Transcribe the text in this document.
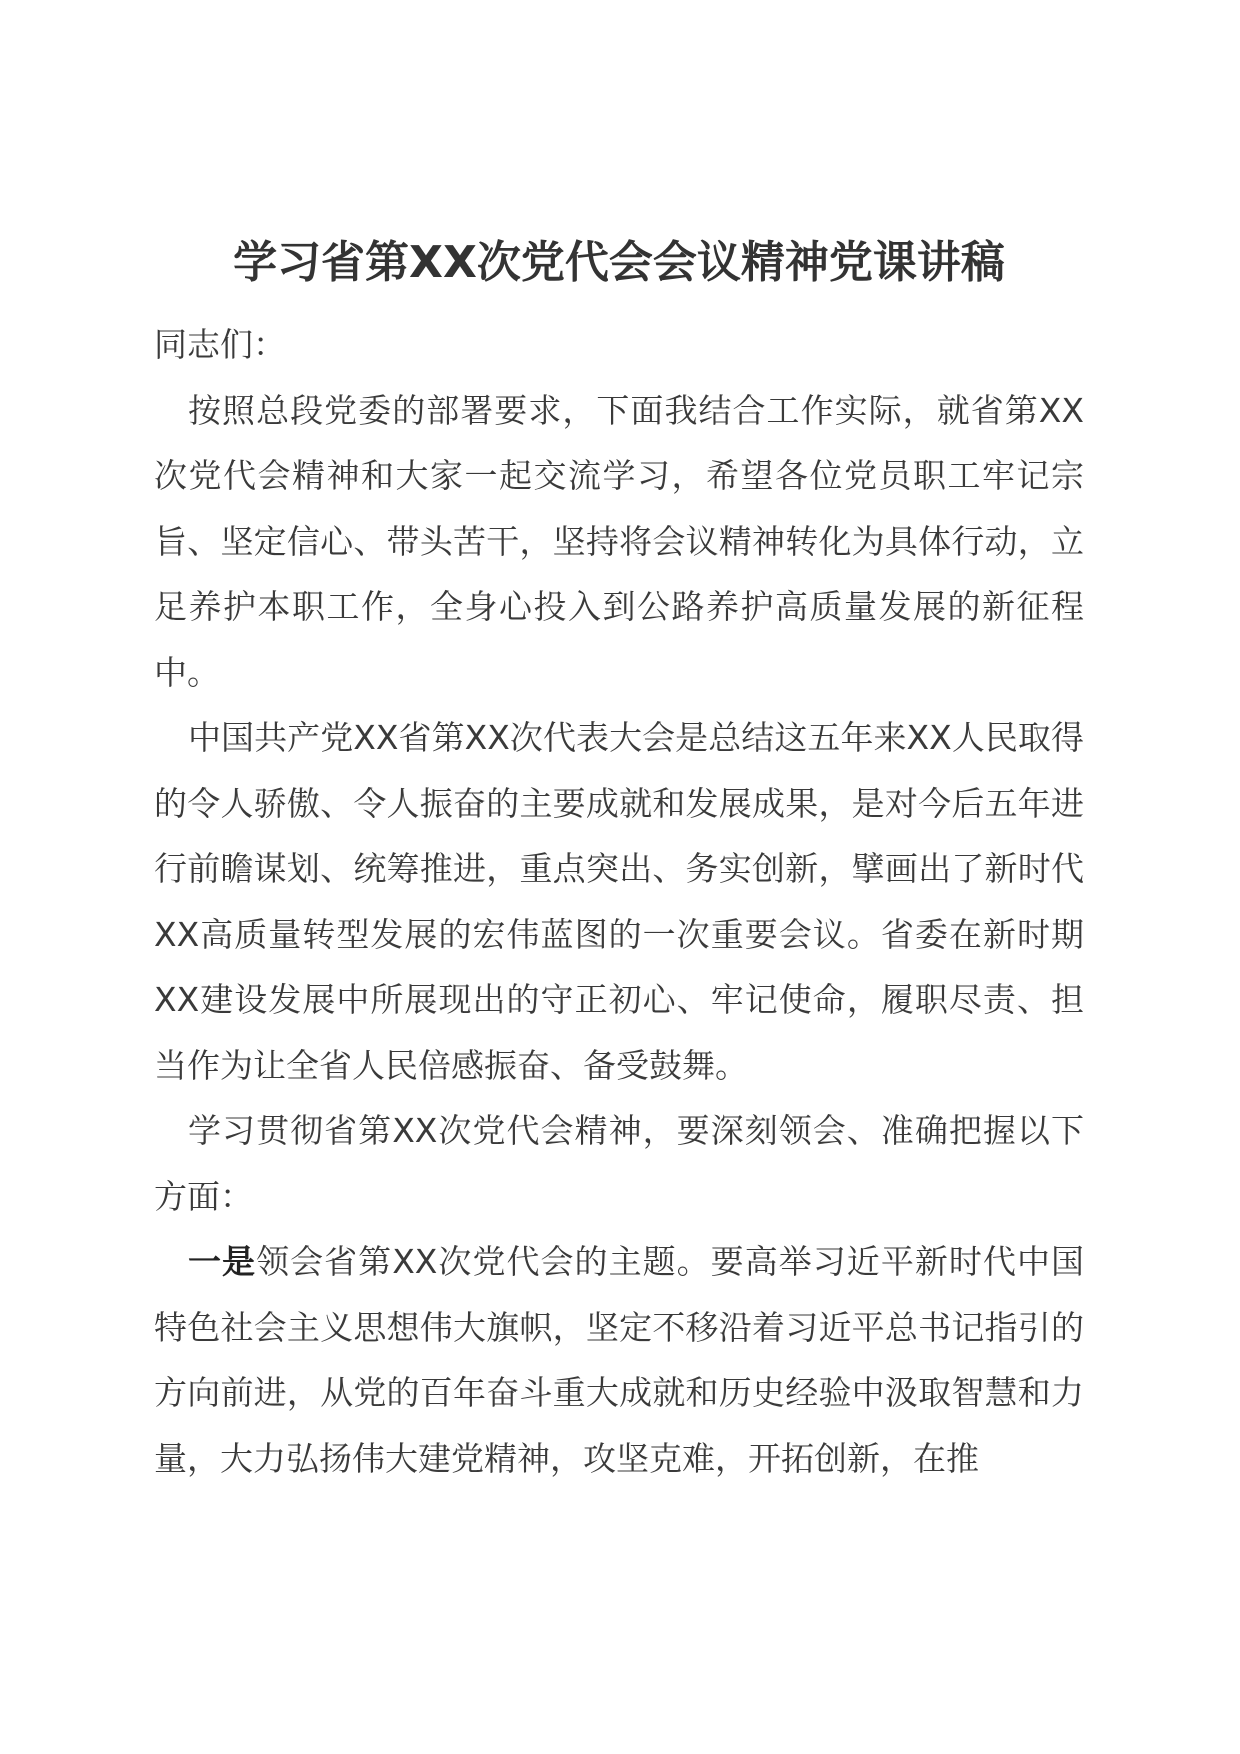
学习省第XX次党代会会议精神党课讲稿

同志们：

按照总段党委的部署要求，下面我结合工作实际，就省第XX次党代会精神和大家一起交流学习，希望各位党员职工牢记宗旨、坚定信心、带头苦干，坚持将会议精神转化为具体行动，立足养护本职工作，全身心投入到公路养护高质量发展的新征程中。

中国共产党XX省第XX次代表大会是总结这五年来XX人民取得的令人骄傲、令人振奋的主要成就和发展成果，是对今后五年进行前瞻谋划、统筹推进，重点突出、务实创新，擘画出了新时代XX高质量转型发展的宏伟蓝图的一次重要会议。省委在新时期XX建设发展中所展现出的守正初心、牢记使命，履职尽责、担当作为让全省人民倍感振奋、备受鼓舞。

学习贯彻省第XX次党代会精神，要深刻领会、准确把握以下方面：

一是领会省第XX次党代会的主题。要高举习近平新时代中国特色社会主义思想伟大旗帜，坚定不移沿着习近平总书记指引的方向前进，从党的百年奋斗重大成就和历史经验中汲取智慧和力量，大力弘扬伟大建党精神，攻坚克难，开拓创新，在推
